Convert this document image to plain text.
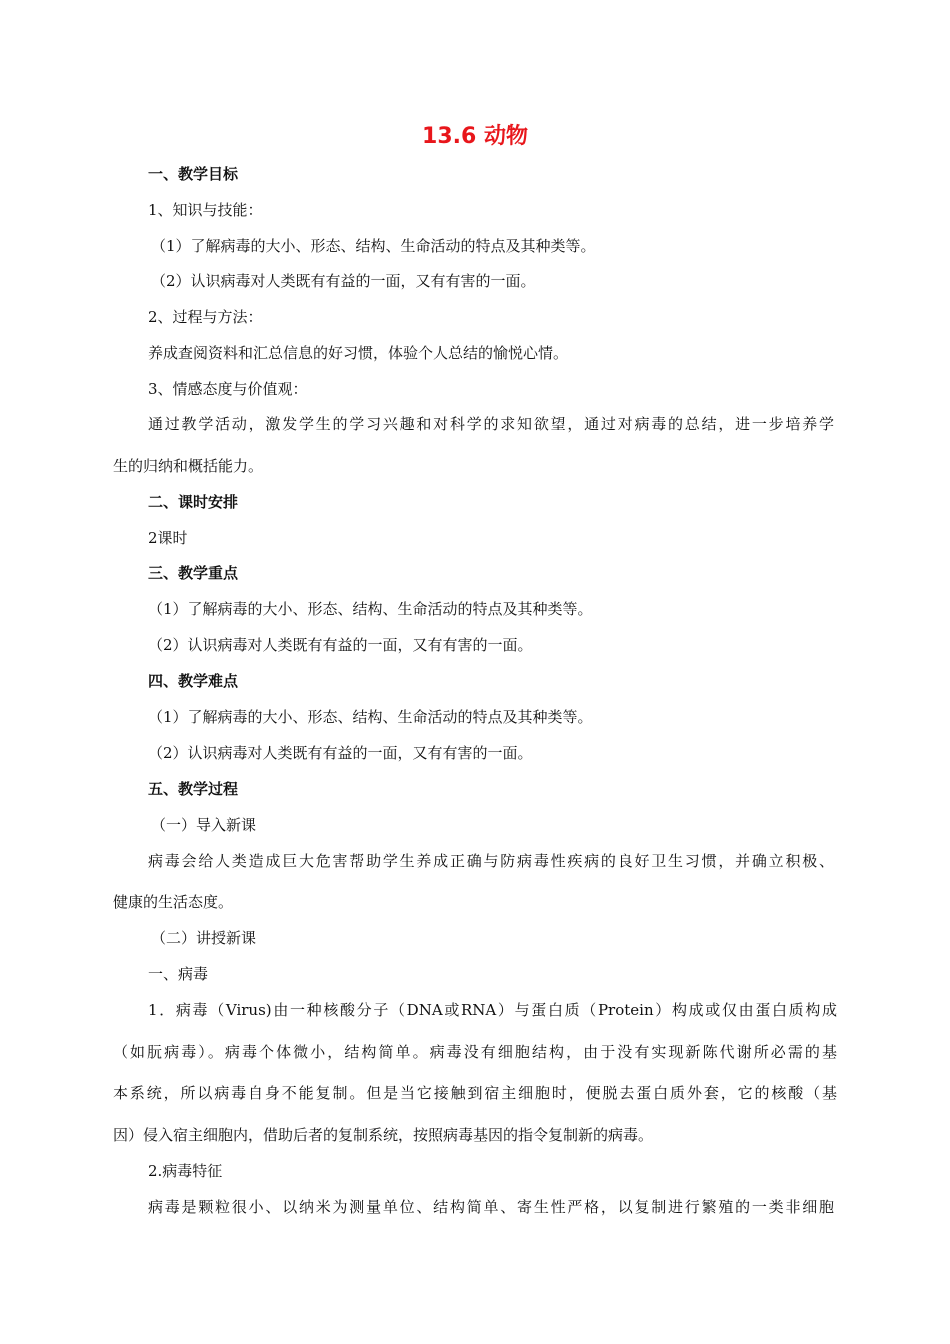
13.6 动物
一、教学目标
1、知识与技能：
（1）了解病毒的大小、形态、结构、生命活动的特点及其种类等。
（2）认识病毒对人类既有有益的一面，又有有害的一面。
2、过程与方法：
养成查阅资料和汇总信息的好习惯，体验个人总结的愉悦心情。
3、情感态度与价值观：
通过教学活动，激发学生的学习兴趣和对科学的求知欲望，通过对病毒的总结，进一步培养学
生的归纳和概括能力。
二、课时安排
2课时
三、教学重点
（1）了解病毒的大小、形态、结构、生命活动的特点及其种类等。
（2）认识病毒对人类既有有益的一面，又有有害的一面。
四、教学难点
（1）了解病毒的大小、形态、结构、生命活动的特点及其种类等。
（2）认识病毒对人类既有有益的一面，又有有害的一面。
五、教学过程
（一）导入新课
病毒会给人类造成巨大危害帮助学生养成正确与防病毒性疾病的良好卫生习惯，并确立积极、
健康的生活态度。
（二）讲授新课
一、病毒
1．病毒（Virus)由一种核酸分子（DNA或RNA）与蛋白质（Protein）构成或仅由蛋白质构成
（如朊病毒）。病毒个体微小，结构简单。病毒没有细胞结构，由于没有实现新陈代谢所必需的基
本系统，所以病毒自身不能复制。但是当它接触到宿主细胞时，便脱去蛋白质外套，它的核酸（基
因）侵入宿主细胞内，借助后者的复制系统，按照病毒基因的指令复制新的病毒。
2.病毒特征
病毒是颗粒很小、以纳米为测量单位、结构简单、寄生性严格，以复制进行繁殖的一类非细胞
